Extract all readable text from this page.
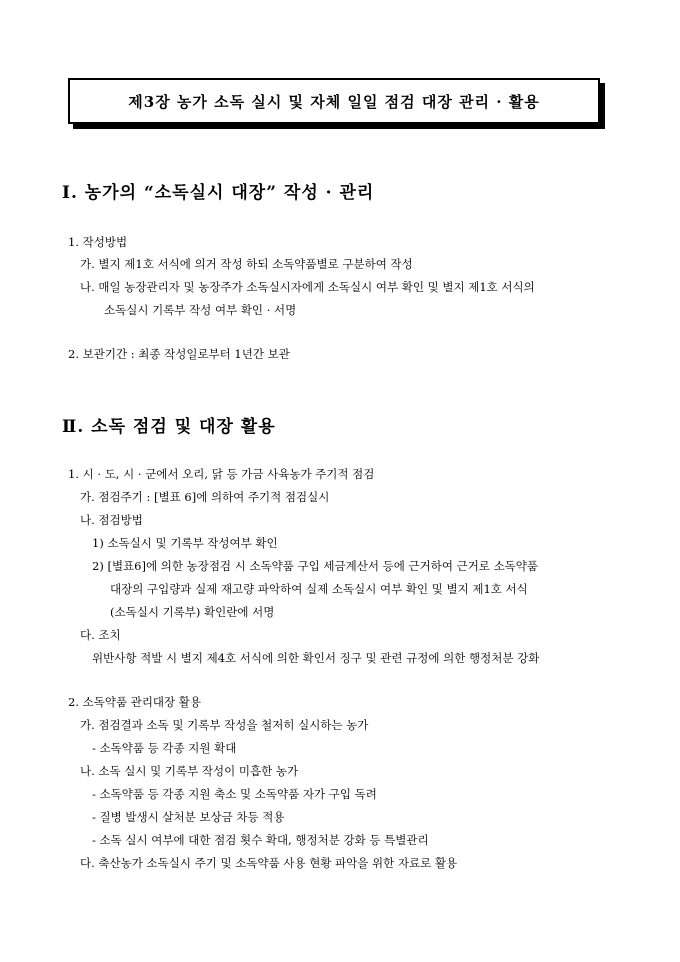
제3장 농가 소독 실시 및 자체 일일 점검 대장 관리 · 활용
Ⅰ. 농가의 “소독실시 대장” 작성 · 관리
1. 작성방법
가. 별지 제1호 서식에 의거 작성 하되 소독약품별로 구분하여 작성
나. 매일 농장관리자 및 농장주가 소독실시자에게 소독실시 여부 확인 및 별지 제1호 서식의
소독실시 기록부 작성 여부 확인 · 서명
2. 보관기간 : 최종 작성일로부터 1년간 보관
Ⅱ. 소독 점검 및 대장 활용
1. 시 · 도, 시 · 군에서 오리, 닭 등 가금 사육농가 주기적 점검
가. 점검주기 : [별표 6]에 의하여 주기적 점검실시
나. 점검방법
1) 소독실시 및 기록부 작성여부 확인
2) [별표6]에 의한 농장점검 시 소독약품 구입 세금계산서 등에 근거하여 근거로 소독약품
대장의 구입량과 실제 재고량 파악하여 실제 소독실시 여부 확인 및 별지 제1호 서식
(소독실시 기록부) 확인란에 서명
다. 조치
위반사항 적발 시 별지 제4호 서식에 의한 확인서 징구 및 관련 규정에 의한 행정처분 강화
2. 소독약품 관리대장 활용
가. 점검결과 소독 및 기록부 작성을 철저히 실시하는 농가
- 소독약품 등 각종 지원 확대
나. 소독 실시 및 기록부 작성이 미흡한 농가
- 소독약품 등 각종 지원 축소 및 소독약품 자가 구입 독려
- 질병 발생시 살처분 보상금 차등 적용
- 소독 실시 여부에 대한 점검 횟수 확대, 행정처분 강화 등 특별관리
다. 축산농가 소독실시 주기 및 소독약품 사용 현황 파악을 위한 자료로 활용
